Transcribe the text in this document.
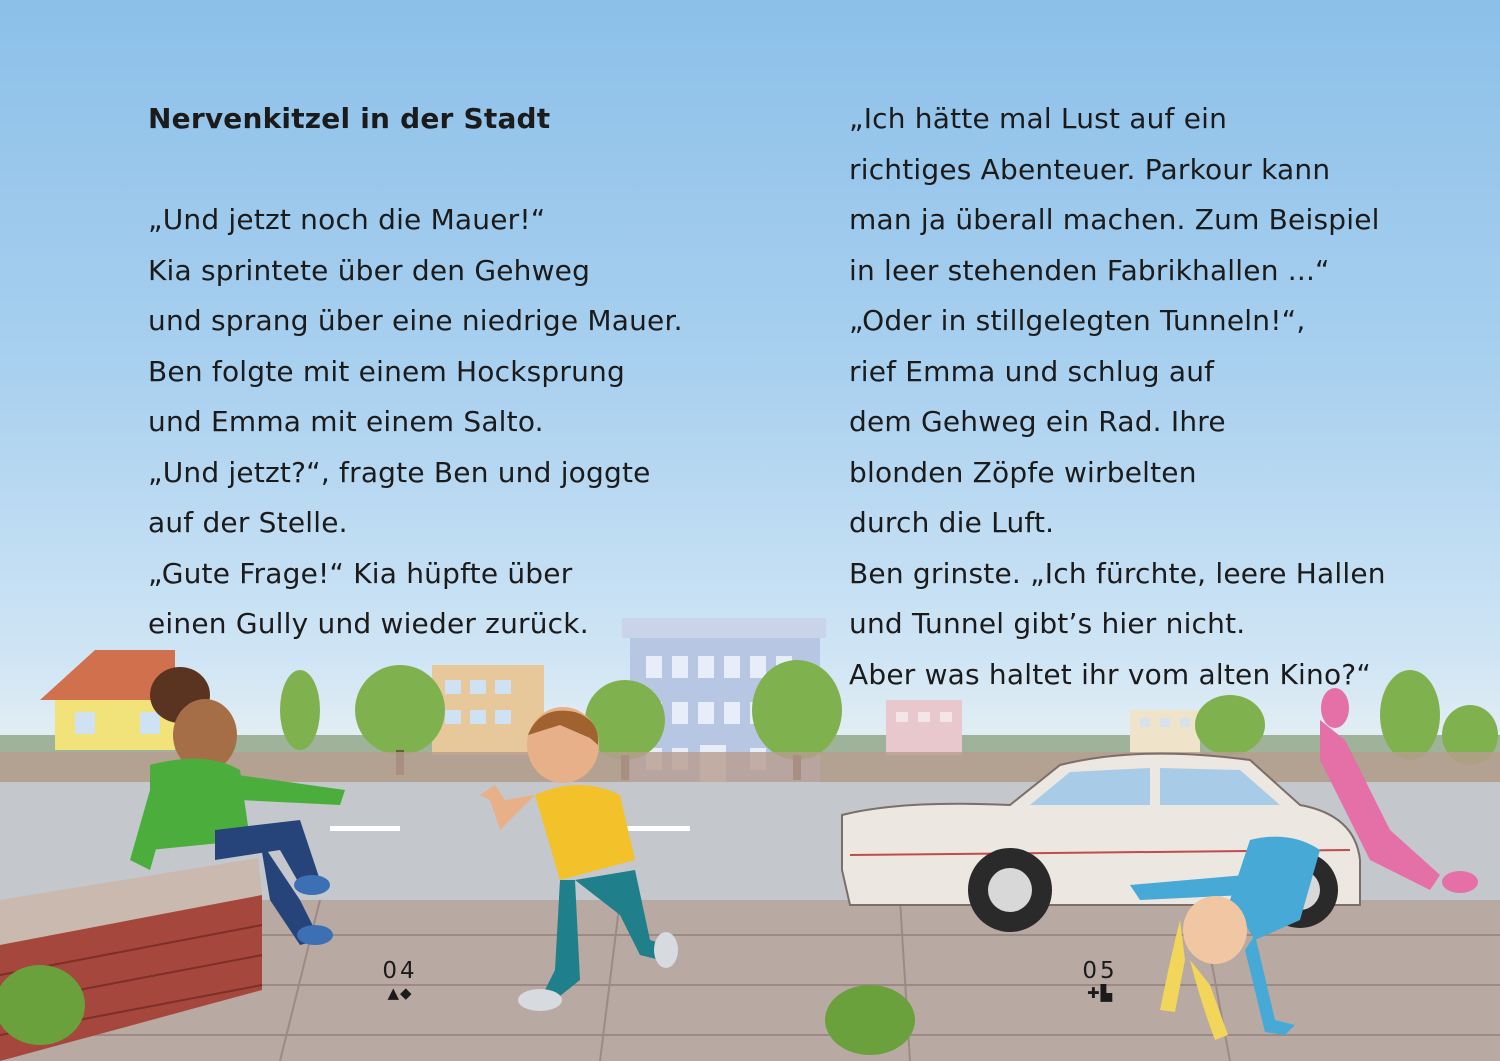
Nervenkitzel in der Stadt
„Und jetzt noch die Mauer!“
Kia sprintete über den Gehweg
und sprang über eine niedrige Mauer.
Ben folgte mit einem Hocksprung
und Emma mit einem Salto.
„Und jetzt?“, fragte Ben und joggte
auf der Stelle.
„Gute Frage!“ Kia hüpfte über
einen Gully und wieder zurück.
„Ich hätte mal Lust auf ein
richtiges Abenteuer. Parkour kann
man ja überall machen. Zum Beispiel
in leer stehenden Fabrikhallen ...“
„Oder in stillgelegten Tunneln!“,
rief Emma und schlug auf
dem Gehweg ein Rad. Ihre
blonden Zöpfe wirbelten
durch die Luft.
Ben grinste. „Ich fürchte, leere Hallen
und Tunnel gibt’s hier nicht.
Aber was haltet ihr vom alten Kino?“
04
▲◆
05
✚▙
